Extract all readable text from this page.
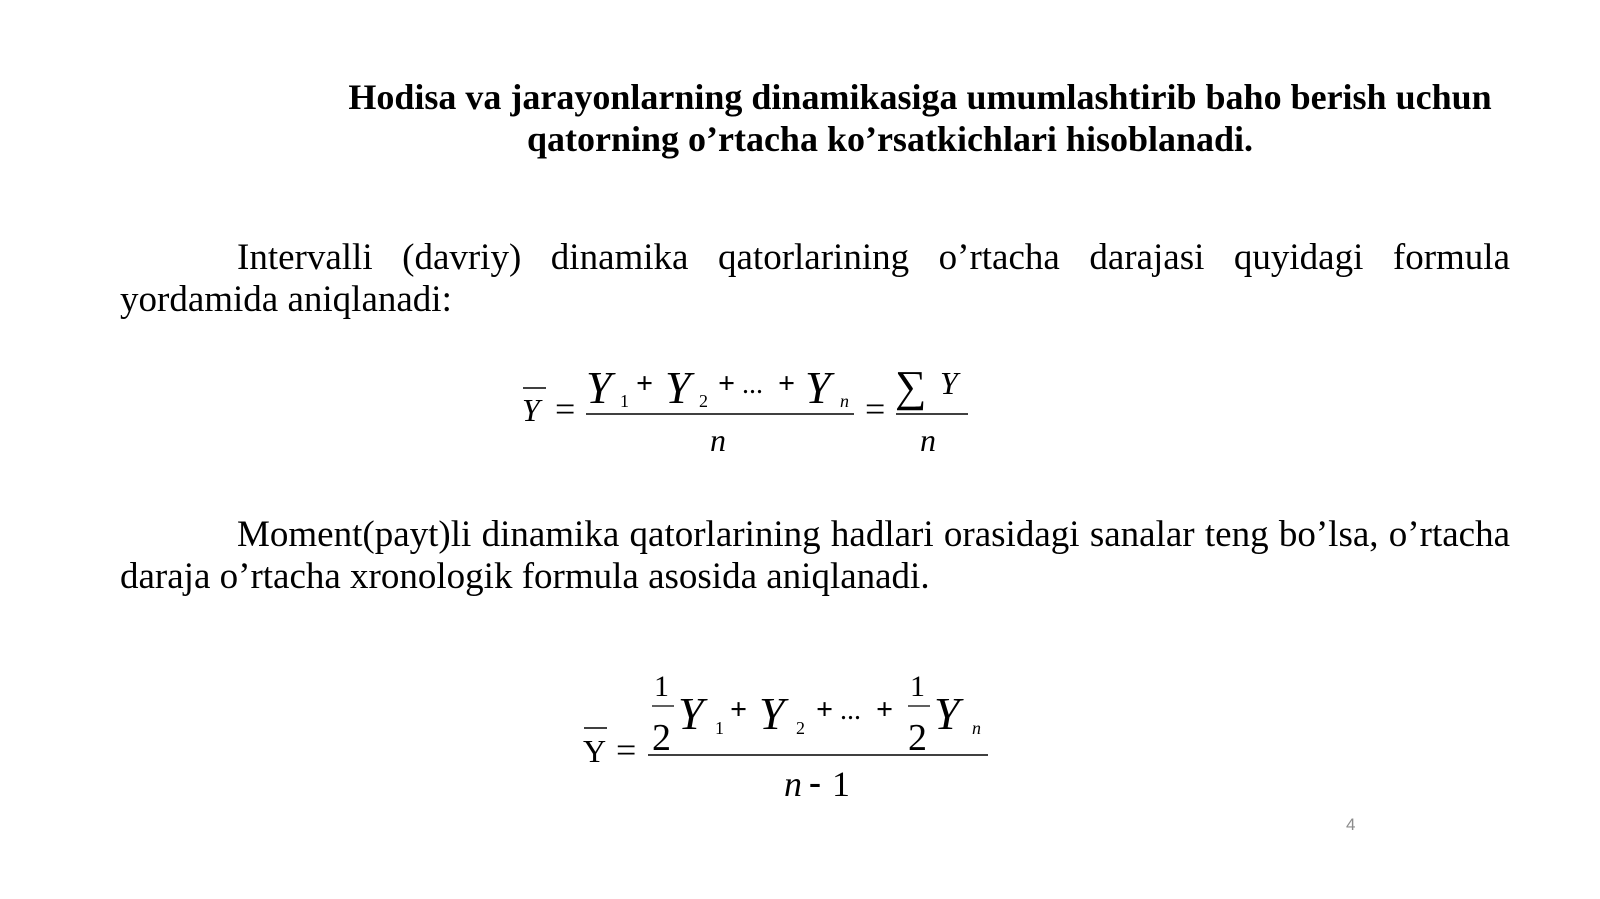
Hodisa va jarayonlarning dinamikasiga umumlashtirib baho berish uchun
qatorning o’rtacha ko’rsatkichlari hisoblanadi.
Intervalli (davriy) dinamika qatorlarining o’rtacha darajasi quyidagi formula yordamida aniqlanadi:
Y = Y 1
+ Y 2
+ ... + Y n
n
= ∑ Y
n
Moment(payt)li dinamika qatorlarining hadlari orasidagi sanalar teng bo’lsa, o’rtacha daraja o’rtacha xronologik formula asosida aniqlanadi.
Y =
1
2 Y 1
+ Y 2
+ ... +
1
2 Y n
n - 1
4
